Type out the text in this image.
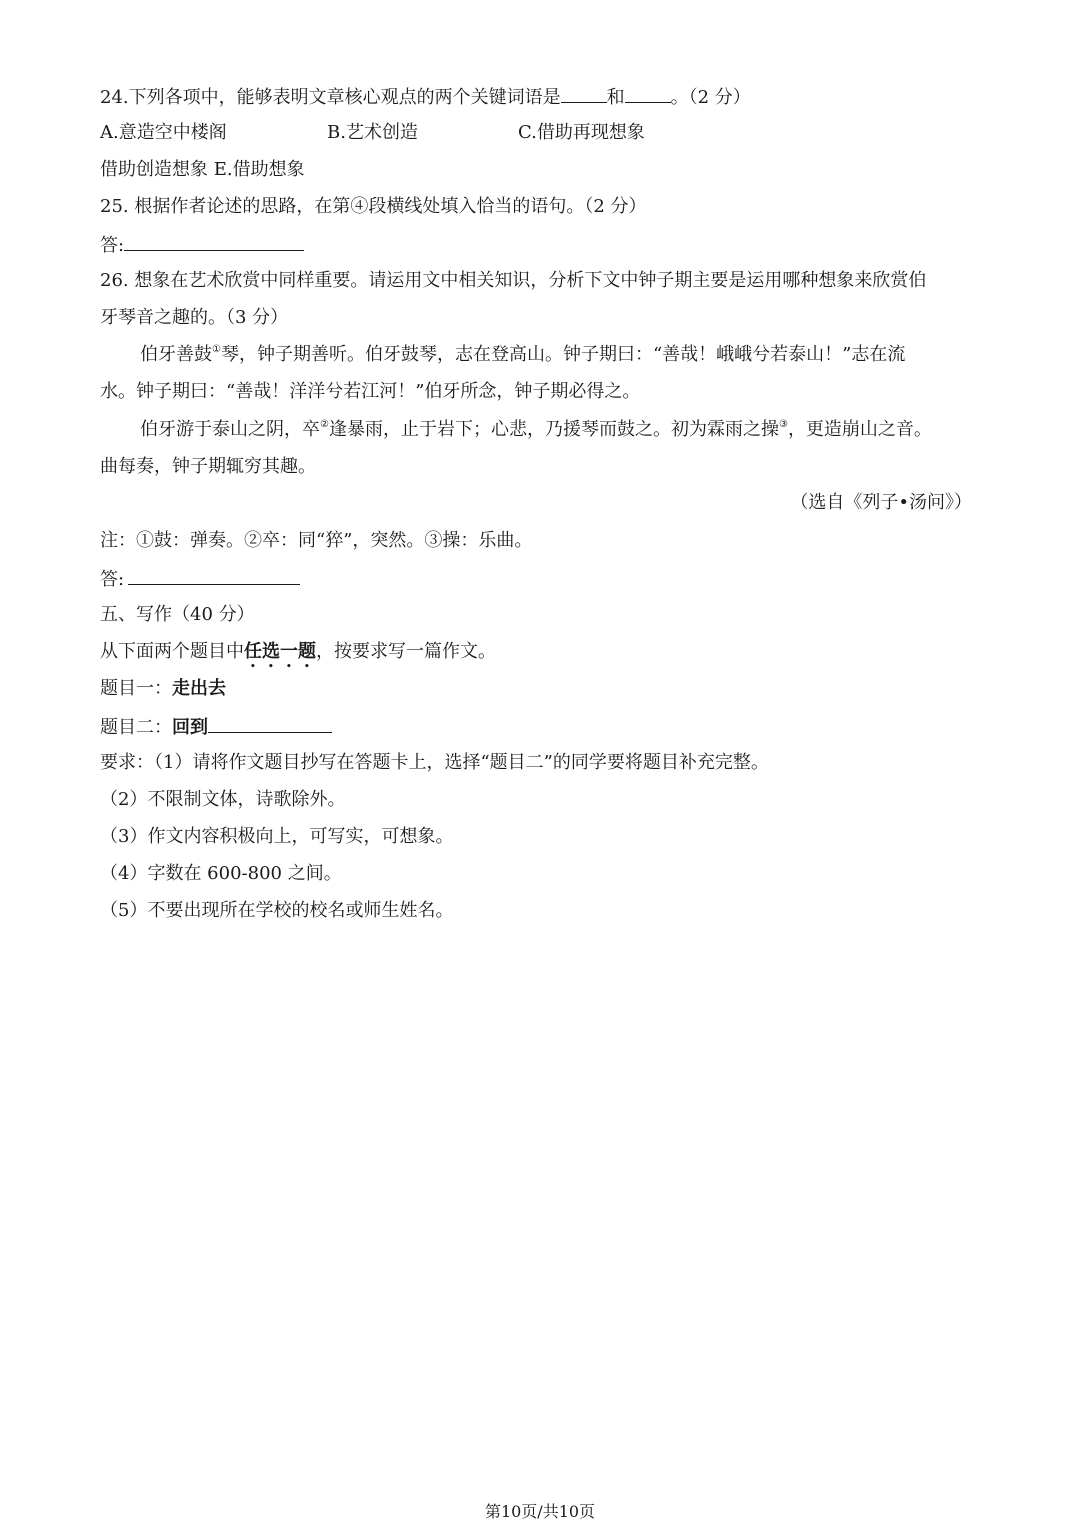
24.下列各项中，能够表明文章核心观点的两个关键词语是	和	。（2 分）
A.意造空中楼阁	B.艺术创造	C.借助再现想象
借助创造想象 E.借助想象
25. 根据作者论述的思路，在第④段横线处填入恰当的语句。（2 分）
答:
26. 想象在艺术欣赏中同样重要。请运用文中相关知识，分析下文中钟子期主要是运用哪种想象来欣赏伯
牙琴音之趣的。（3 分）
伯牙善鼓①琴，钟子期善听。伯牙鼓琴，志在登高山。钟子期曰：“善哉！峨峨兮若泰山！”志在流
水。钟子期曰：“善哉！洋洋兮若江河！”伯牙所念，钟子期必得之。
伯牙游于泰山之阴，卒②逢暴雨，止于岩下；心悲，乃援琴而鼓之。初为霖雨之操③，更造崩山之音。
曲每奏，钟子期辄穷其趣。
（选自《列子•汤问》）
注：①鼓：弹奏。②卒：同“猝”，突然。③操：乐曲。
答:
五、写作（40 分）
从下面两个题目中任选一题，按要求写一篇作文。
题目一：走出去
题目二：回到
要求：（1）请将作文题目抄写在答题卡上，选择“题目二”的同学要将题目补充完整。
（2）不限制文体，诗歌除外。
（3）作文内容积极向上，可写实，可想象。
（4）字数在 600-800 之间。
（5）不要出现所在学校的校名或师生姓名。
第10页/共10页
